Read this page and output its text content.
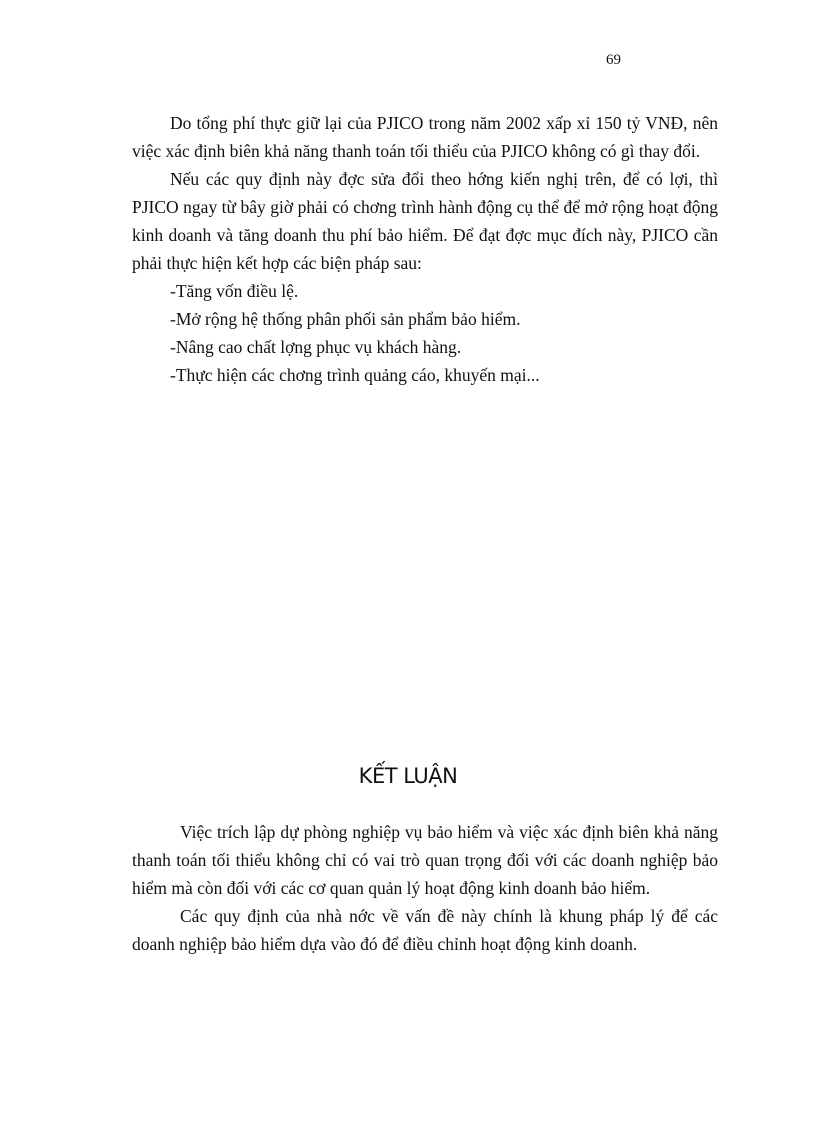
69

Do tổng phí thực giữ lại của PJICO trong năm 2002 xấp xỉ 150 tỷ VNĐ, nên việc xác định biên khả năng thanh toán tối thiểu của PJICO không có gì thay đổi.

Nếu các quy định này đợc sửa đổi theo hớng kiến nghị trên, để có lợi, thì PJICO ngay từ bây giờ phải có chơng trình hành động cụ thể để mở rộng hoạt động kinh doanh và tăng doanh thu phí bảo hiểm. Để đạt đợc mục đích này, PJICO cần phải thực hiện kết hợp các biện pháp sau:

-Tăng vốn điều lệ.
-Mở rộng hệ thống phân phối sản phẩm bảo hiểm.
-Nâng cao chất lợng phục vụ khách hàng.
-Thực hiện các chơng trình quảng cáo, khuyến mại...
KẾT LUẬN

Việc trích lập dự phòng nghiệp vụ bảo hiểm và việc xác định biên khả năng thanh toán tối thiểu không chỉ có vai trò quan trọng đối với các doanh nghiệp bảo hiểm mà còn đối với các cơ quan quản lý hoạt động kinh doanh bảo hiểm.

Các quy định của nhà nớc về vấn đề này chính là khung pháp lý để các doanh nghiệp bảo hiểm dựa vào đó để điều chỉnh hoạt động kinh doanh.
